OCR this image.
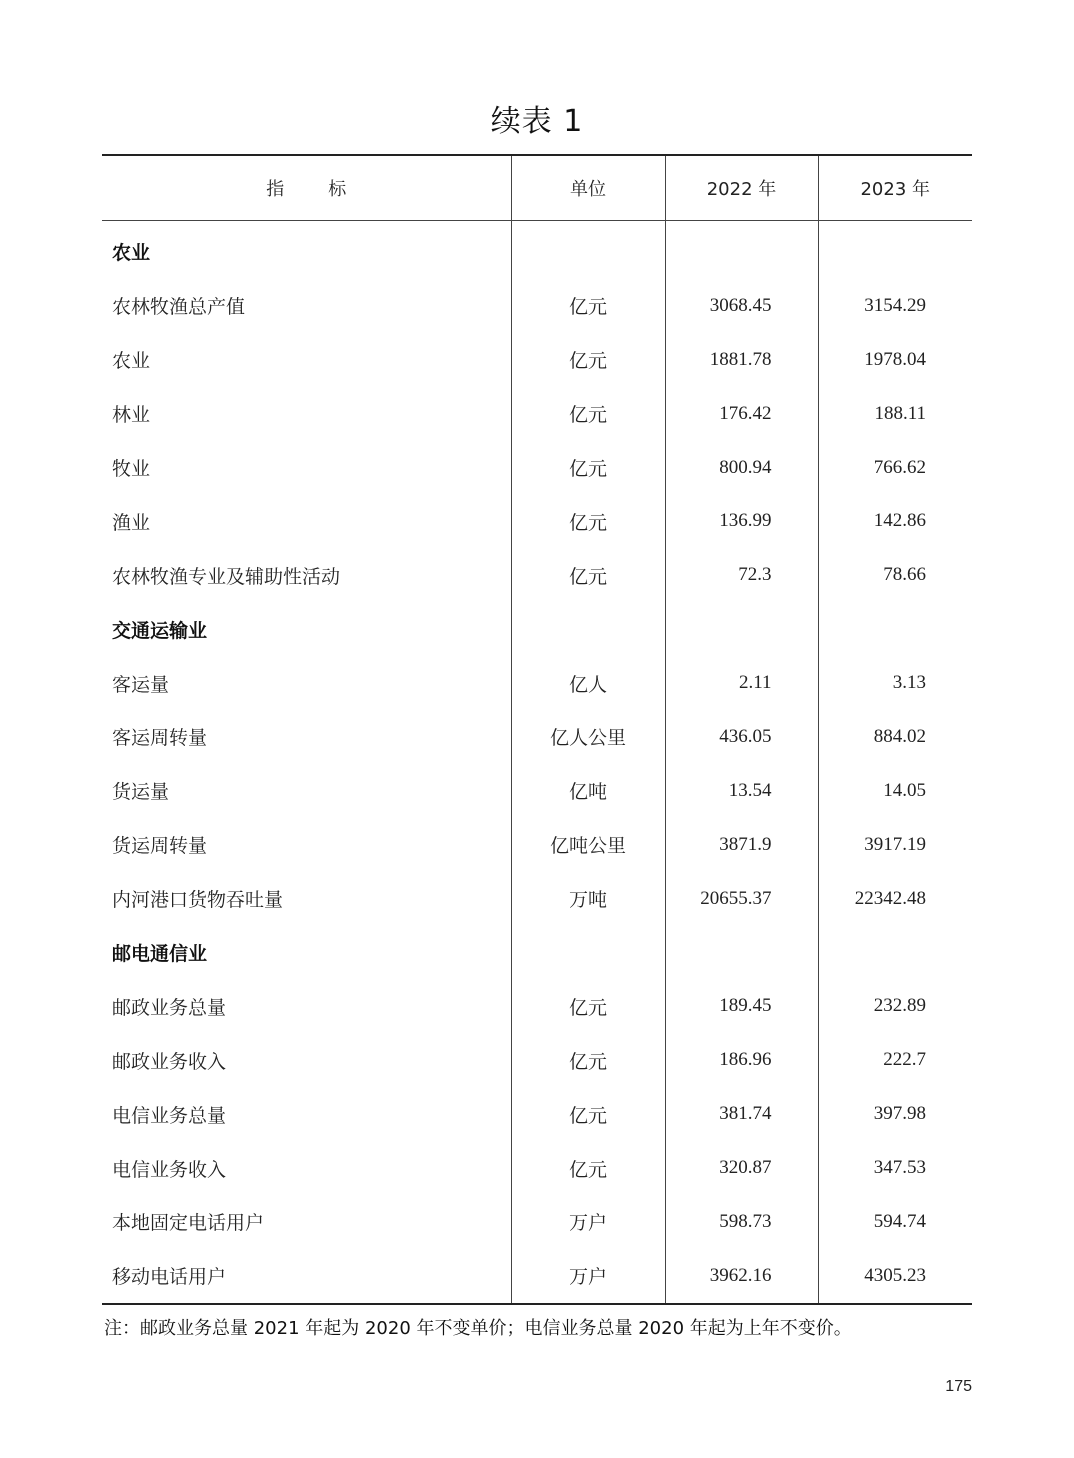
续表 1
指 标	单位	2022 年	2023 年
农业			
农林牧渔总产值	亿元	3068.45	3154.29
农业	亿元	1881.78	1978.04
林业	亿元	176.42	188.11
牧业	亿元	800.94	766.62
渔业	亿元	136.99	142.86
农林牧渔专业及辅助性活动	亿元	72.3	78.66
交通运输业			
客运量	亿人	2.11	3.13
客运周转量	亿人公里	436.05	884.02
货运量	亿吨	13.54	14.05
货运周转量	亿吨公里	3871.9	3917.19
内河港口货物吞吐量	万吨	20655.37	22342.48
邮电通信业			
邮政业务总量	亿元	189.45	232.89
邮政业务收入	亿元	186.96	222.7
电信业务总量	亿元	381.74	397.98
电信业务收入	亿元	320.87	347.53
本地固定电话用户	万户	598.73	594.74
移动电话用户	万户	3962.16	4305.23
注：邮政业务总量 2021 年起为 2020 年不变单价；电信业务总量 2020 年起为上年不变价。
175
